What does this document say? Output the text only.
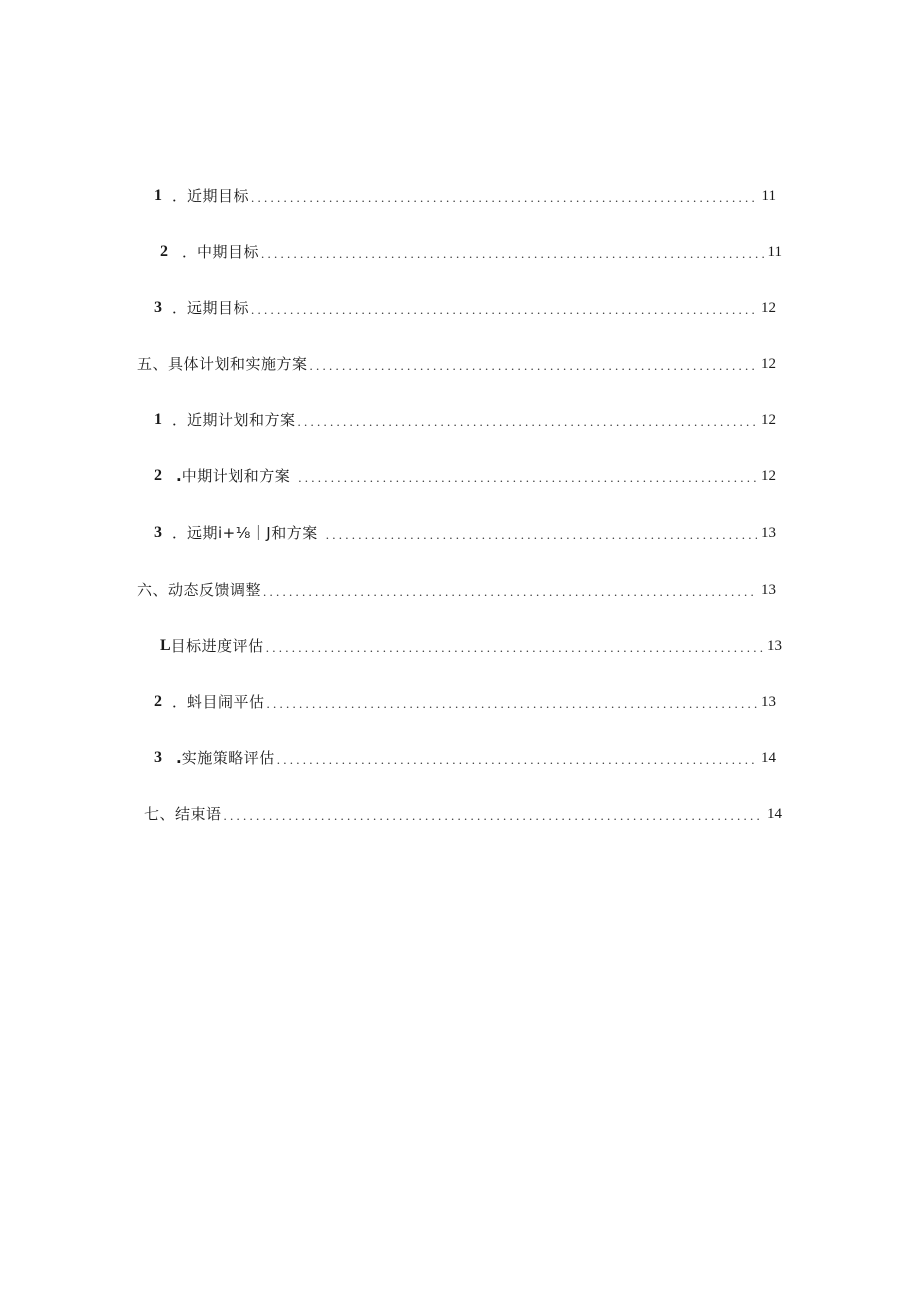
1 ． 近期目标 . . .	11
2 ． 中期目标 . . .	11
3 ． 远期目标 . . .	12
五、具体计划和实施方案 . . .	12
1 ． 近期计划和方案 . . .	12
2 . 中期计划和方案 . . .	12
3 ． 远期i+⅛｜J和方案 . . .	13
六、动态反馈调整 . . .	13
L 目标进度评估 . . .	13
2 ． 蚪目闹平估 . . .	13
3 . 实施策略评估 . . .	14
七、结束语 . . .	14
